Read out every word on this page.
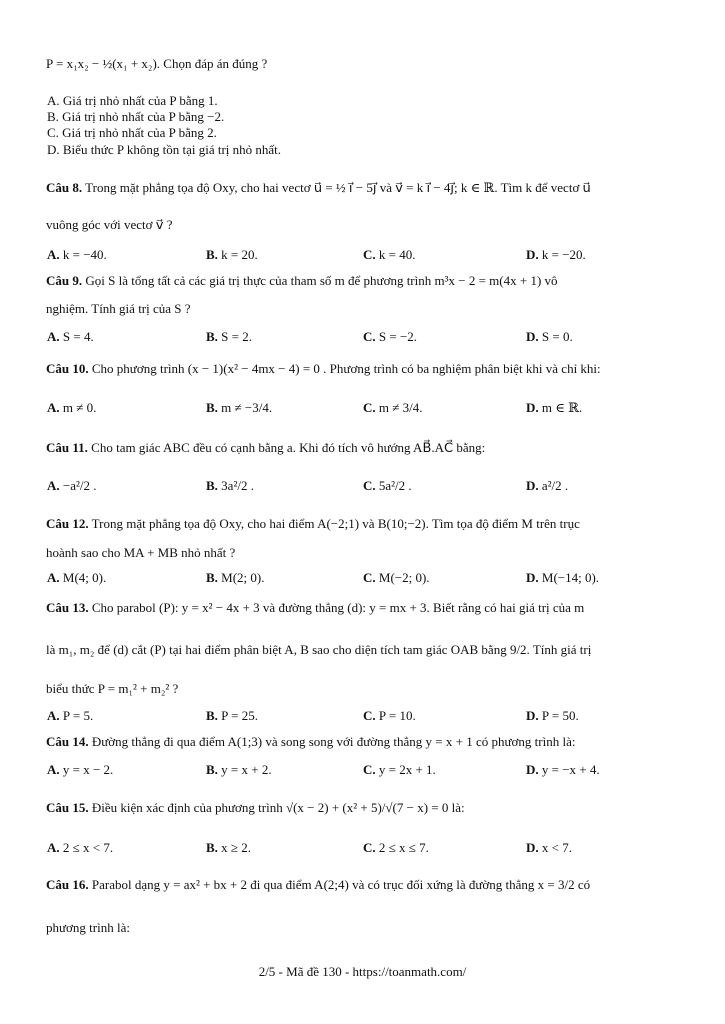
P = x₁x₂ − ½(x₁ + x₂). Chọn đáp án đúng ?
A. Giá trị nhỏ nhất của P bằng 1.
B. Giá trị nhỏ nhất của P bằng −2.
C. Giá trị nhỏ nhất của P bằng 2.
D. Biểu thức P không tồn tại giá trị nhỏ nhất.
Câu 8. Trong mặt phẳng tọa độ Oxy, cho hai vectơ u⃗ = ½ i⃗ − 5j⃗ và v⃗ = k i⃗ − 4j⃗; k ∈ ℝ. Tìm k để vectơ u⃗
vuông góc với vectơ v⃗ ?
A. k = −40.	B. k = 20.	C. k = 40.	D. k = −20.
Câu 9. Gọi S là tổng tất cả các giá trị thực của tham số m để phương trình m³x − 2 = m(4x + 1) vô
nghiệm. Tính giá trị của S ?
A. S = 4.	B. S = 2.	C. S = −2.	D. S = 0.
Câu 10. Cho phương trình (x − 1)(x² − 4mx − 4) = 0 . Phương trình có ba nghiệm phân biệt khi và chỉ khi:
A. m ≠ 0.	B. m ≠ −3/4.	C. m ≠ 3/4.	D. m ∈ ℝ.
Câu 11. Cho tam giác ABC đều có cạnh bằng a. Khi đó tích vô hướng AB⃗.AC⃗ bằng:
A. −a²/2 .	B. 3a²/2 .	C. 5a²/2 .	D. a²/2 .
Câu 12. Trong mặt phẳng tọa độ Oxy, cho hai điểm A(−2;1) và B(10;−2). Tìm tọa độ điểm M trên trục
hoành sao cho MA + MB nhỏ nhất ?
A. M(4; 0).	B. M(2; 0).	C. M(−2; 0).	D. M(−14; 0).
Câu 13. Cho parabol (P): y = x² − 4x + 3 và đường thẳng (d): y = mx + 3. Biết rằng có hai giá trị của m
là m₁, m₂ để (d) cắt (P) tại hai điểm phân biệt A, B sao cho diện tích tam giác OAB bằng 9/2. Tính giá trị
biểu thức P = m₁² + m₂² ?
A. P = 5.	B. P = 25.	C. P = 10.	D. P = 50.
Câu 14. Đường thẳng đi qua điểm A(1;3) và song song với đường thẳng y = x + 1 có phương trình là:
A. y = x − 2.	B. y = x + 2.	C. y = 2x + 1.	D. y = −x + 4.
Câu 15. Điều kiện xác định của phương trình √(x − 2) + (x² + 5)/√(7 − x) = 0 là:
A. 2 ≤ x < 7.	B. x ≥ 2.	C. 2 ≤ x ≤ 7.	D. x < 7.
Câu 16. Parabol dạng y = ax² + bx + 2 đi qua điểm A(2;4) và có trục đối xứng là đường thẳng x = 3/2 có
phương trình là:
2/5 - Mã đề 130 - https://toanmath.com/
